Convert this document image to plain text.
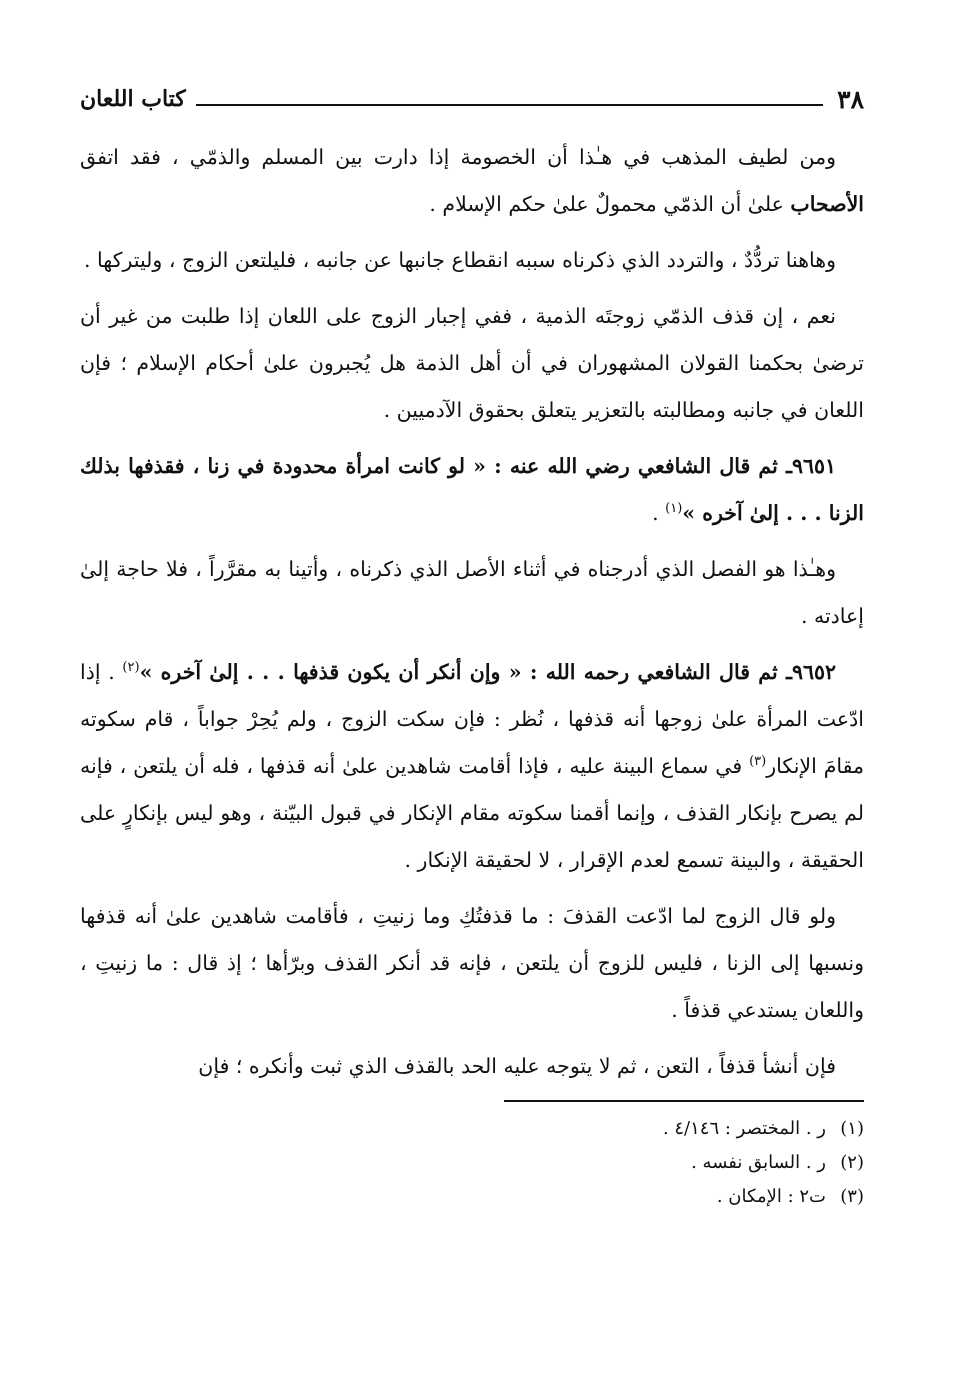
٣٨
كتاب اللعان

ومن لطيف المذهب في هـٰذا أن الخصومة إذا دارت بين المسلم والذمّي ، فقد اتفق الأصحاب علىٰ أن الذمّي محمولٌ علىٰ حكم الإسلام .

وهاهنا تردُّدٌ ، والتردد الذي ذكرناه سببه انقطاع جانبها عن جانبه ، فليلتعن الزوج ، وليتركها .

نعم ، إن قذف الذمّي زوجتَه الذمية ، ففي إجبار الزوج على اللعان إذا طلبت من غير أن ترضىٰ بحكمنا القولان المشهوران في أن أهل الذمة هل يُجبرون علىٰ أحكام الإسلام ؛ فإن اللعان في جانبه ومطالبته بالتعزير يتعلق بحقوق الآدميين .

٩٦٥١ـ ثم قال الشافعي رضي الله عنه : « لو كانت امرأة محدودة في زنا ، فقذفها بذلك الزنا . . . إلىٰ آخره »$^{(١)}$ .

وهـٰذا هو الفصل الذي أدرجناه في أثناء الأصل الذي ذكرناه ، وأتينا به مقرَّراً ، فلا حاجة إلىٰ إعادته .

٩٦٥٢ـ ثم قال الشافعي رحمه الله : « وإن أنكر أن يكون قذفها . . . إلىٰ آخره »$^{(٢)}$ . إذا ادّعت المرأة علىٰ زوجها أنه قذفها ، نُظر : فإن سكت الزوج ، ولم يُحِرْ جواباً ، قام سكوته مقامَ الإنكار$^{(٣)}$ في سماع البينة عليه ، فإذا أقامت شاهدين علىٰ أنه قذفها ، فله أن يلتعن ، فإنه لم يصرح بإنكار القذف ، وإنما أقمنا سكوته مقام الإنكار في قبول البيّنة ، وهو ليس بإنكارٍ على الحقيقة ، والبينة تسمع لعدم الإقرار ، لا لحقيقة الإنكار .

ولو قال الزوج لما ادّعت القذفَ : ما قذفتُكِ وما زنيتِ ، فأقامت شاهدين علىٰ أنه قذفها ونسبها إلى الزنا ، فليس للزوج أن يلتعن ، فإنه قد أنكر القذف وبرّأها ؛ إذ قال : ما زنيتِ ، واللعان يستدعي قذفاً .

فإن أنشأ قذفاً ، التعن ، ثم لا يتوجه عليه الحد بالقذف الذي ثبت وأنكره ؛ فإن

(١)
ر . المختصر : ٤/١٤٦ .
(٢)
ر . السابق نفسه .
(٣)
ت٢ : الإمكان .
